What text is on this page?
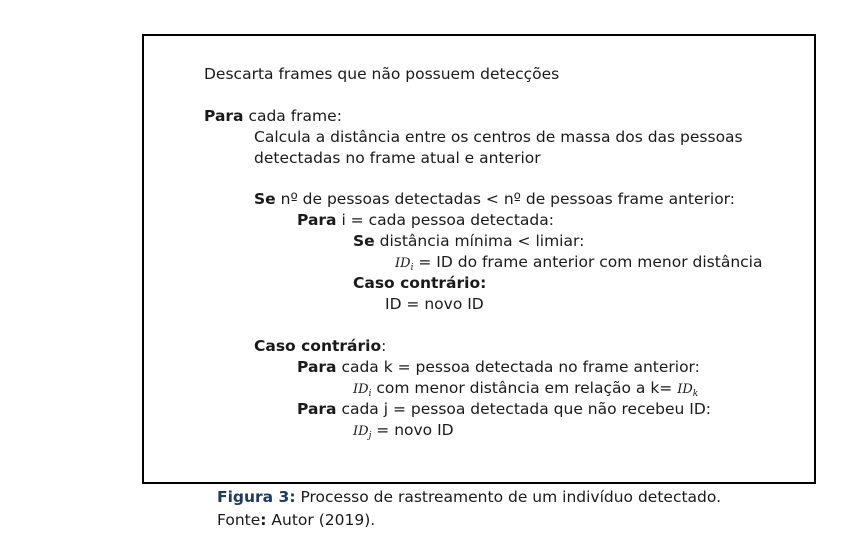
Descarta frames que não possuem detecções
Para cada frame:
Calcula a distância entre os centros de massa dos das pessoas
detectadas no frame atual e anterior
Se nº de pessoas detectadas < nº de pessoas frame anterior:
Para i = cada pessoa detectada:
Se distância mínima < limiar:
$ID_i$ = ID do frame anterior com menor distância
Caso contrário:
ID = novo ID
Caso contrário:
Para cada k = pessoa detectada no frame anterior:
$ID_i$ com menor distância em relação a $k= ID_k$
Para cada j = pessoa detectada que não recebeu ID:
$ID_j$ = novo ID
Figura 3: Processo de rastreamento de um indivíduo detectado.
Fonte: Autor (2019).
